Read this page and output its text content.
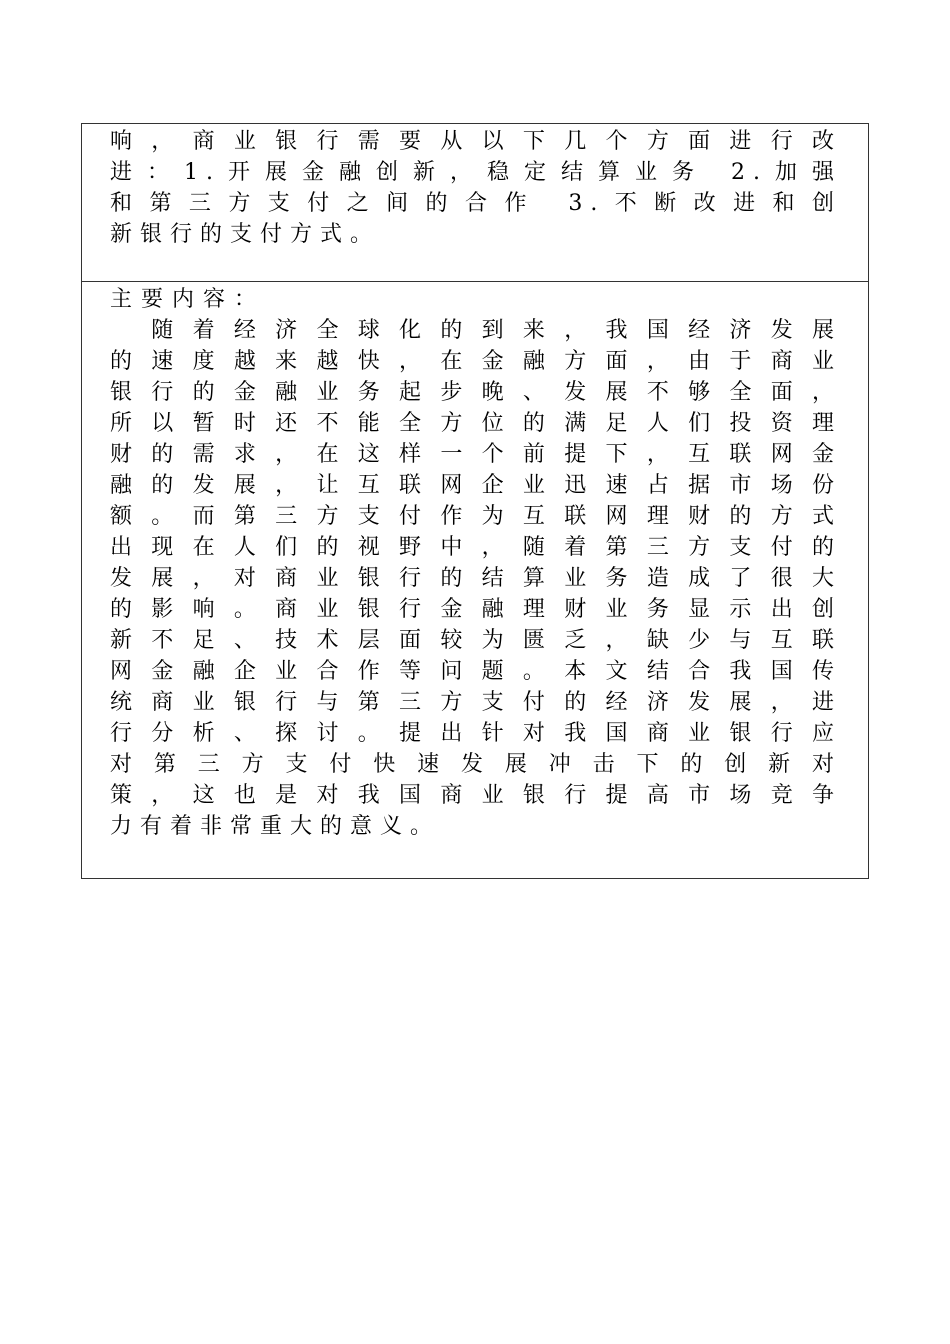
响，商业银行需要从以下几个方面进行改
进：1.开展金融创新，稳定结算业务 2.加强
和第三方支付之间的合作 3.不断改进和创
新银行的支付方式。
主要内容：
　随着经济全球化的到来，我国经济发展
的速度越来越快，在金融方面，由于商业
银行的金融业务起步晚、发展不够全面，
所以暂时还不能全方位的满足人们投资理
财的需求，在这样一个前提下，互联网金
融的发展，让互联网企业迅速占据市场份
额。而第三方支付作为互联网理财的方式
出现在人们的视野中，随着第三方支付的
发展，对商业银行的结算业务造成了很大
的影响。商业银行金融理财业务显示出创
新不足、技术层面较为匮乏，缺少与互联
网金融企业合作等问题。本文结合我国传
统商业银行与第三方支付的经济发展，进
行分析、探讨。提出针对我国商业银行应
对第三方支付快速发展冲击下的创新对
策，这也是对我国商业银行提高市场竞争
力有着非常重大的意义。
